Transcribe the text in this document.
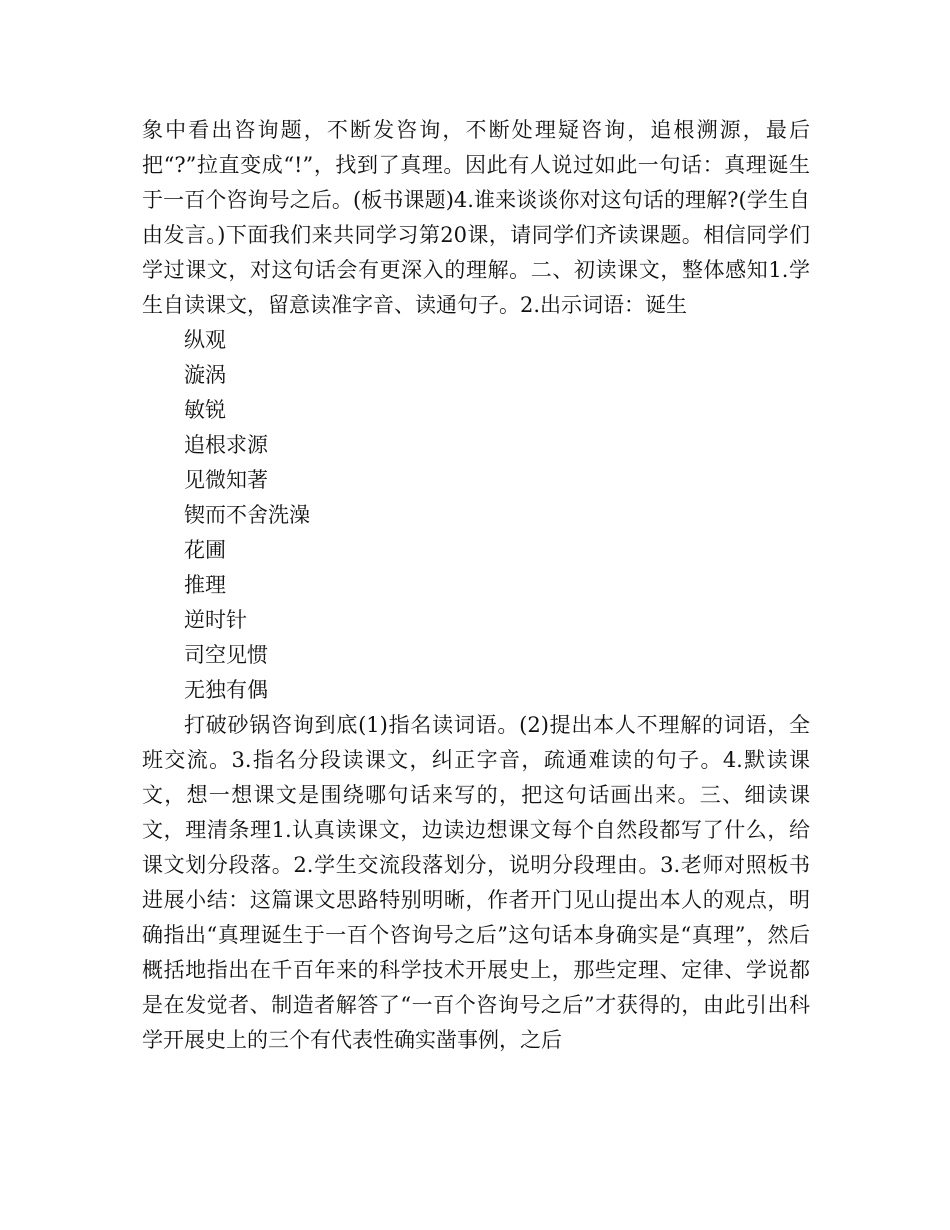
象中看出咨询题，不断发咨询，不断处理疑咨询，追根溯源，最后把“?”拉直变成“!”，找到了真理。因此有人说过如此一句话：真理诞生于一百个咨询号之后。(板书课题)4.谁来谈谈你对这句话的理解?(学生自由发言。)下面我们来共同学习第20课，请同学们齐读课题。相信同学们学过课文，对这句话会有更深入的理解。二、初读课文，整体感知1.学生自读课文，留意读准字音、读通句子。2.出示词语：诞生

纵观
漩涡
敏锐
追根求源
见微知著
锲而不舍洗澡
花圃
推理
逆时针
司空见惯
无独有偶

打破砂锅咨询到底(1)指名读词语。(2)提出本人不理解的词语，全班交流。3.指名分段读课文，纠正字音，疏通难读的句子。4.默读课文，想一想课文是围绕哪句话来写的，把这句话画出来。三、细读课文，理清条理1.认真读课文，边读边想课文每个自然段都写了什么，给课文划分段落。2.学生交流段落划分，说明分段理由。3.老师对照板书进展小结：这篇课文思路特别明晰，作者开门见山提出本人的观点，明确指出“真理诞生于一百个咨询号之后”这句话本身确实是“真理”，然后概括地指出在千百年来的科学技术开展史上，那些定理、定律、学说都是在发觉者、制造者解答了“一百个咨询号之后”才获得的，由此引出科学开展史上的三个有代表性确实凿事例，之后
